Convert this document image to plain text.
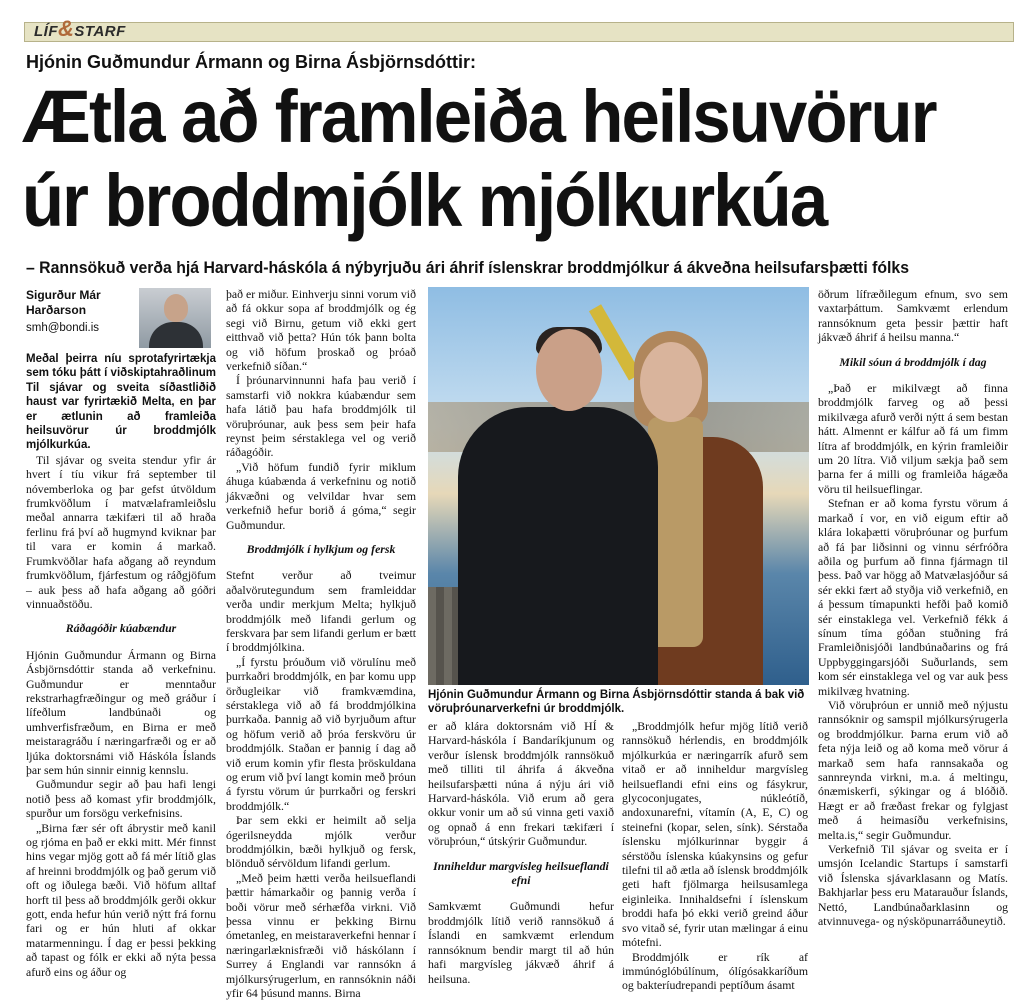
LÍF&STARF
Hjónin Guðmundur Ármann og Birna Ásbjörnsdóttir:
Ætla að framleiða heilsuvörur
úr broddmjólk mjólkurkúa
– Rannsökuð verða hjá Harvard-háskóla á nýbyrjuðu ári áhrif íslenskrar broddmjólkur á ákveðna heilsufarsþætti fólks
Sigurður Már
Harðarson
smh@bondi.is

Meðal þeirra níu sprotafyrirtækja sem tóku þátt í viðskiptahraðlinum Til sjávar og sveita síðastliðið haust var fyrirtækið Melta, en þar er ætlunin að framleiða heilsuvörur úr broddmjólk mjólkurkúa.

Til sjávar og sveita stendur yfir ár hvert í tíu vikur frá september til nóvemberloka og þar gefst útvöldum frumkvöðlum í matvælaframleiðslu meðal annarra tækifæri til að hraða ferlinu frá því að hugmynd kviknar þar til vara er komin á markað. Frumkvöðlar hafa aðgang að reyndum frumkvöðlum, fjárfestum og ráðgjöfum – auk þess að hafa aðgang að góðri vinnuaðstöðu.

Ráðagóðir kúabændur

Hjónin Guðmundur Ármann og Birna Ásbjörnsdóttir standa að verkefninu. Guðmundur er menntaður rekstrarhagfræðingur og með gráður í lífeðlum landbúnaði og umhverfisfræðum, en Birna er með meistaragráðu í næringarfræði og er að ljúka doktorsnámi við Háskóla Íslands þar sem hún sinnir einnig kennslu.

Guðmundur segir að þau hafi lengi notið þess að komast yfir broddmjólk, spurður um forsögu verkefnisins.

„Birna fær sér oft ábrystir með kanil og rjóma en það er ekki mitt. Mér finnst hins vegar mjög gott að fá mér lítið glas af hreinni broddmjólk og það gerum við oft og iðulega bæði. Við höfum alltaf horft til þess að broddmjólk gerði okkur gott, enda hefur hún verið nýtt frá fornu fari og er hún hluti af okkar matarmenningu. Í dag er þessi þekking að tapast og fólk er ekki að nýta þessa afurð eins og áður og

það er miður. Einhverju sinni vorum við að fá okkur sopa af broddmjólk og ég segi við Birnu, getum við ekki gert eitthvað við þetta? Hún tók þann bolta og við höfum þroskað og þróað verkefnið síðan.“

Í þróunarvinnunni hafa þau verið í samstarfi við nokkra kúabændur sem hafa látið þau hafa broddmjólk til vöruþróunar, auk þess sem þeir hafa reynst þeim sérstaklega vel og verið ráðagóðir.

„Við höfum fundið fyrir miklum áhuga kúabænda á verkefninu og notið jákvæðni og velvildar hvar sem verkefnið hefur borið á góma,“ segir Guðmundur.

Broddmjólk í hylkjum og fersk

Stefnt verður að tveimur aðalvörutegundum sem framleiddar verða undir merkjum Melta; hylkjuð broddmjólk með lifandi gerlum og ferskvara þar sem lifandi gerlum er bætt í broddmjólkina.

„Í fyrstu þróuðum við vörulínu með þurrkaðri broddmjólk, en þar komu upp örðugleikar við framkvæmdina, sérstaklega við að fá broddmjólkina þurrkaða. Þannig að við byrjuðum aftur og höfum verið að þróa ferskvöru úr broddmjólk. Staðan er þannig í dag að við erum komin yfir flesta þröskuldana og erum við því langt komin með þróun á fyrstu vörum úr þurrkaðri og ferskri broddmjólk.“

Þar sem ekki er heimilt að selja ógerilsneydda mjólk verður broddmjólkin, bæði hylkjuð og fersk, blönduð sérvöldum lifandi gerlum.

„Með þeim hætti verða heilsueflandi þættir hámarkaðir og þannig verða í boði vörur með sérhæfða virkni. Við þessa vinnu er þekking Birnu ómetanleg, en meistaraverkefni hennar í næringarlæknisfræði við háskólann í Surrey á Englandi var rannsókn á mjólkursýrugerlum, en rannsóknin náði yfir 64 þúsund manns. Birna

Hjónin Guðmundur Ármann og Birna Ásbjörnsdóttir standa á bak við vöruþróunarverkefni úr broddmjólk.

er að klára doktorsnám við HÍ & Harvard-háskóla í Bandaríkjunum og verður íslensk broddmjólk rannsökuð með tilliti til áhrifa á ákveðna heilsufarsþætti núna á nýju ári við Harvard-háskóla. Við erum að gera okkur vonir um að sú vinna geti vaxið og opnað á enn frekari tækifæri í vöruþróun,“ útskýrir Guðmundur.

Inniheldur margvísleg heilsueflandi efni

Samkvæmt Guðmundi hefur broddmjólk lítið verið rannsökuð á Íslandi en samkvæmt erlendum rannsóknum bendir margt til að hún hafi margvísleg jákvæð áhrif á heilsuna.

„Broddmjólk hefur mjög lítið verið rannsökuð hérlendis, en broddmjólk mjólkurkúa er næringarrík afurð sem vitað er að inniheldur margvísleg heilsueflandi efni eins og fásykrur, glycoconjugates, núkleótíð, andoxunarefni, vítamín (A, E, C) og steinefni (kopar, selen, sínk). Sérstaða íslensku mjólkurinnar byggir á sérstöðu íslenska kúakynsins og gefur tilefni til að ætla að íslensk broddmjólk geti haft fjölmarga heilsusamlega eiginleika. Innihaldsefni í íslenskum broddi hafa þó ekki verið greind áður svo vitað sé, fyrir utan mælingar á einu mótefni.

Broddmjólk er rík af immúnóglóbúlínum, ólígósakkaríðum og bakteríudrepandi peptíðum ásamt

öðrum lífræðilegum efnum, svo sem vaxtarþáttum. Samkvæmt erlendum rannsóknum geta þessir þættir haft jákvæð áhrif á heilsu manna.“

Mikil sóun á broddmjólk í dag

„Það er mikilvægt að finna broddmjólk farveg og að þessi mikilvæga afurð verði nýtt á sem bestan hátt. Almennt er kálfur að fá um fimm lítra af broddmjólk, en kýrin framleiðir um 20 lítra. Við viljum sækja það sem þarna fer á milli og framleiða hágæða vöru til heilsueflingar.

Stefnan er að koma fyrstu vörum á markað í vor, en við eigum eftir að klára lokaþætti vöruþróunar og þurfum að fá þar liðsinni og vinnu sérfróðra aðila og þurfum að finna fjármagn til þess. Það var högg að Matvælasjóður sá sér ekki fært að styðja við verkefnið, en á þessum tímapunkti hefði það komið sér einstaklega vel. Verkefnið fékk á sínum tíma góðan stuðning frá Framleiðnisjóði landbúnaðarins og frá Uppbyggingarsjóði Suðurlands, sem kom sér einstaklega vel og var auk þess mikilvæg hvatning.

Við vöruþróun er unnið með nýjustu rannsóknir og samspil mjólkursýrugerla og broddmjólkur. Þarna erum við að feta nýja leið og að koma með vörur á markað sem hafa rannsakaða og sannreynda virkni, m.a. á meltingu, ónæmiskerfi, sýkingar og á blóðið. Hægt er að fræðast frekar og fylgjast með á heimasíðu verkefnisins, melta.is,“ segir Guðmundur.

Verkefnið Til sjávar og sveita er í umsjón Icelandic Startups í samstarfi við Íslenska sjávarklasann og Matís. Bakhjarlar þess eru Matarauður Íslands, Nettó, Landbúnaðarklasinn og atvinnuvega- og nýsköpunarráðuneytið.
